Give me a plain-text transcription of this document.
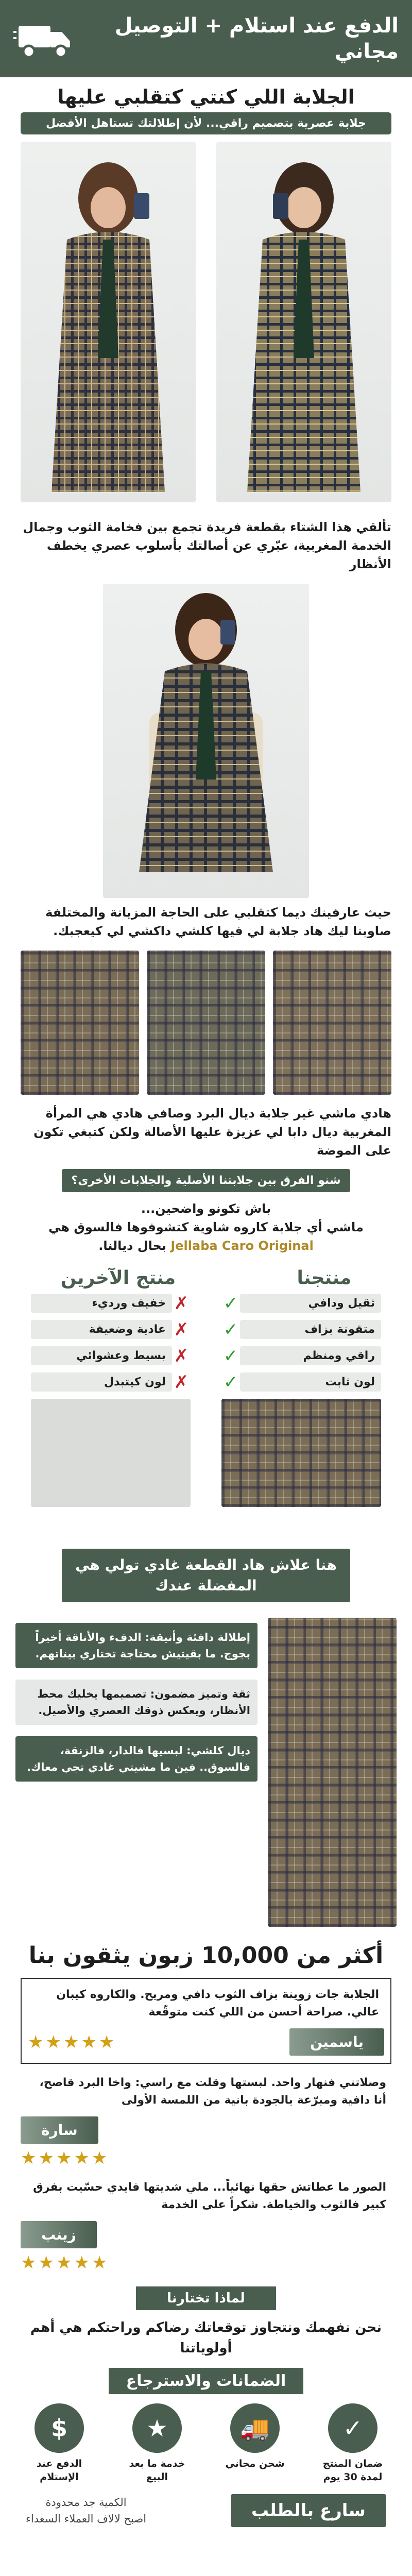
الدفع عند استلام + التوصيل مجاني
الجلابة اللي كنتي كتقلبي عليها
جلابة عصرية بتصميم راقي... لأن إطلالتك تستاهل الأفضل

تألقي هذا الشتاء بقطعة فريدة تجمع بين فخامة الثوب وجمال الخدمة المغربية، عبّري عن أصالتك بأسلوب عصري يخطف الأنظار

حيث عارفينك ديما كتقلبي على الحاجة المزيانة والمختلفة صاوبنا ليك هاد جلابة لي فيها كلشي داكشي لي كيعجبك.

هادي ماشي غير جلابة ديال البرد وصافي هادي هي المرأة المغربية ديال دابا لي عزيزة عليها الأصالة ولكن كتبغي تكون على الموضة

شنو الفرق بين جلابتنا الأصلية والجلابات الأخرى؟
باش تكونو واضحين...
ماشي أي جلابة كاروه شاوية كتشوفوها فالسوق هي
Jellaba Caro Original بحال ديالنا.
منتجنا
منتج الآخرين
ثقيل ودافي
✓
متقونة بزاف
✓
راقي ومنظم
✓
لون ثابت
✓
✗
خفيف ورديء
✗
عادية وضعيفة
✗
بسيط وعشوائي
✗
لون كيتبدل
هنا علاش هاد القطعة غادي تولي هي المفضلة عندك
إطلالة دافئة وأنيقة: الدفء والأناقة أخيراً بجوج. ما بقيتيش محتاجة تختاري بيناتهم.
ثقة وتميز مضمون: تصميمها يخليك محط الأنظار، ويعكس ذوقك العصري والأصيل.
ديال كلشي: لبسيها فالدار، فالزنقة، فالسوق.. فين ما مشيتي غادي تجي معاك.
أكثر من 10,000 زبون يثقون بنا

الجلابة جات زوينة بزاف الثوب دافي ومريح. والكاروه كيبان عالي. صراحة أحسن من اللي كنت متوقّعة

★★★★★	ياسمين

وصلاتني فنهار واحد. لبستها وقلت مع راسي: واخا البرد قاصح، أنا دافية ومبرّعة بالجودة بانية من اللمسة الأولى

سارة
★★★★★

الصور ما عطاتش حقها نهائياً... ملي شديتها فايدي حسّيت بفرق كبير فالثوب والخياطة. شكراً على الخدمة

زينب
★★★★★
لماذا تختارنا

نحن نفهمك ونتجاوز توقعاتك رضاكم وراحتكم هي أهم أولوياتنا

الضمانات والاسترجاع
✓
ضمان المنتج لمدة 30 يوم
🚚
شحن مجاني
★
خدمة ما بعد البيع
$
الدفع عند الإستلام
سارع بالطلب
الكمية جد محدودة
اصبح لالاف العملاء السعداء
